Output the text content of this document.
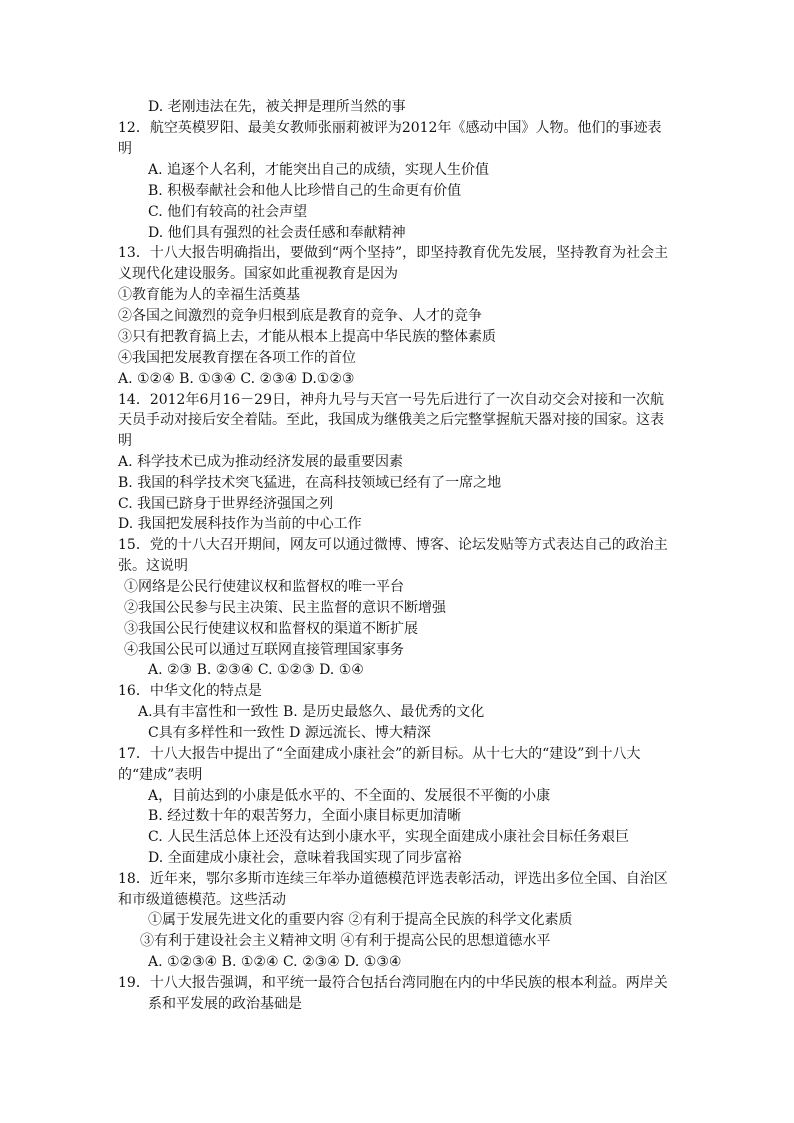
D. 老刚违法在先，被关押是理所当然的事
12．航空英模罗阳、最美女教师张丽莉被评为2012年《感动中国》人物。他们的事迹表
明
A. 追逐个人名利，才能突出自己的成绩，实现人生价值
B. 积极奉献社会和他人比珍惜自己的生命更有价值
C. 他们有较高的社会声望
D. 他们具有强烈的社会责任感和奉献精神
13．十八大报告明确指出，要做到“两个坚持”，即坚持教育优先发展，坚持教育为社会主
义现代化建设服务。国家如此重视教育是因为
①教育能为人的幸福生活奠基
②各国之间激烈的竞争归根到底是教育的竞争、人才的竞争
③只有把教育搞上去，才能从根本上提高中华民族的整体素质
④我国把发展教育摆在各项工作的首位
A. ①②④ B. ①③④ C. ②③④ D.①②③
14．2012年6月16－29日，神舟九号与天宫一号先后进行了一次自动交会对接和一次航
天员手动对接后安全着陆。至此，我国成为继俄美之后完整掌握航天器对接的国家。这表
明
A. 科学技术已成为推动经济发展的最重要因素
B. 我国的科学技术突飞猛进，在高科技领域已经有了一席之地
C. 我国已跻身于世界经济强国之列
D. 我国把发展科技作为当前的中心工作
15．党的十八大召开期间，网友可以通过微博、博客、论坛发贴等方式表达自己的政治主
张。这说明
①网络是公民行使建议权和监督权的唯一平台
②我国公民参与民主决策、民主监督的意识不断增强
③我国公民行使建议权和监督权的渠道不断扩展
④我国公民可以通过互联网直接管理国家事务
A. ②③ B. ②③④ C. ①②③ D. ①④
16．中华文化的特点是
A.具有丰富性和一致性 B. 是历史最悠久、最优秀的文化
C具有多样性和一致性 D 源远流长、博大精深
17．十八大报告中提出了“全面建成小康社会”的新目标。从十七大的“建设”到十八大
的“建成”表明
A，目前达到的小康是低水平的、不全面的、发展很不平衡的小康
B. 经过数十年的艰苦努力，全面小康目标更加清晰
C. 人民生活总体上还没有达到小康水平，实现全面建成小康社会目标任务艰巨
D. 全面建成小康社会，意味着我国实现了同步富裕
18．近年来，鄂尔多斯市连续三年举办道德模范评选表彰活动，评选出多位全国、自治区
和市级道德模范。这些活动
①属于发展先进文化的重要内容 ②有利于提高全民族的科学文化素质
③有利于建设社会主义精神文明 ④有利于提高公民的思想道德水平
A. ①②③④ B. ①②④ C. ②③④ D. ①③④
19．十八大报告强调，和平统一最符合包括台湾同胞在内的中华民族的根本利益。两岸关
系和平发展的政治基础是
